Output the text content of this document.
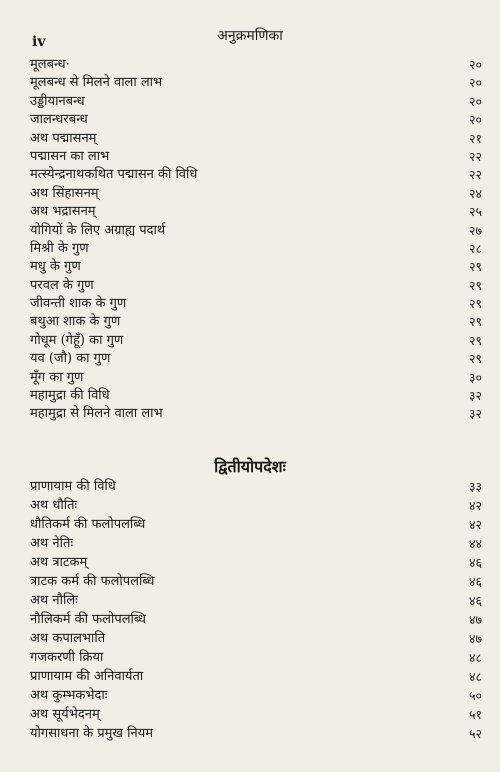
iv	अनुक्रमणिका
मूलबन्ध·	२०
मूलबन्ध से मिलने वाला लाभ	२०
उड्डीयानबन्ध	२०
जालन्धरबन्ध	२०
अथ पद्मासनम्	२१
पद्मासन का लाभ	२२
मत्स्येन्द्रनाथकथित पद्मासन की विधि	२२
अथ सिंहासनम्	२४
अथ भद्रासनम्	२५
योगियों के लिए अग्राह्य पदार्थ	२७
मिश्री के गुण	२८
मधु के गुण	२९
परवल के गुण	२९
जीवन्ती शाक के गुण	२९
बथुआ शाक के गुण	२९
गोधूम (गेहूँ) का गुण	२९
यव (जौ) का गुण	२९
मूँग का गुण	३०
महामुद्रा की विधि	३२
महामुद्रा से मिलने वाला लाभ	३२
द्वितीयोपदेशः
प्राणायाम की विधि	३३
अथ धौतिः	४२
धौतिकर्म की फलोपलब्धि	४२
अथ नेतिः	४४
अथ त्राटकम्	४६
त्राटक कर्म की फलोपलब्धि	४६
अथ नौलिः	४६
नौलिकर्म की फलोपलब्धि	४७
अथ कपालभाति	४७
गजकरणी क्रिया	४८
प्राणायाम की अनिवार्यता	४८
अथ कुम्भकभेदाः	५०
अथ सूर्यभेदनम्	५१
योगसाधना के प्रमुख नियम	५२
